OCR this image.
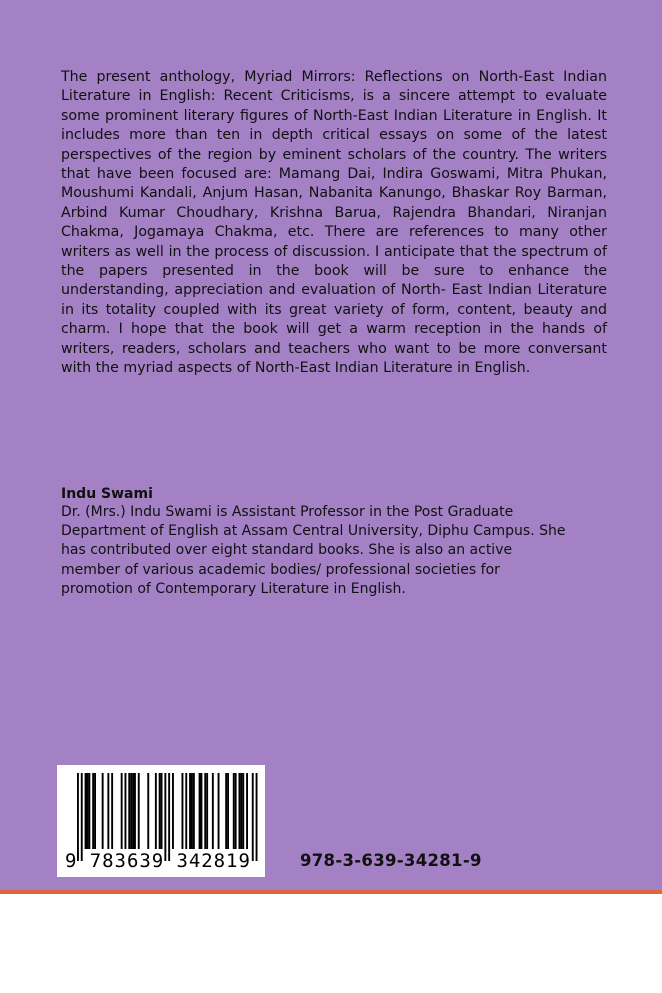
The present anthology, Myriad Mirrors: Reflections on North-East Indian Literature in English: Recent Criticisms, is a sincere attempt to evaluate some prominent literary figures of North-East Indian Literature in English. It includes more than ten in depth critical essays on some of the latest perspectives of the region by eminent scholars of the country. The writers that have been focused are: Mamang Dai, Indira Goswami, Mitra Phukan, Moushumi Kandali, Anjum Hasan, Nabanita Kanungo, Bhaskar Roy Barman, Arbind Kumar Choudhary, Krishna Barua, Rajendra Bhandari, Niranjan Chakma, Jogamaya Chakma, etc. There are references to many other writers as well in the process of discussion. I anticipate that the spectrum of the papers presented in the book will be sure to enhance the understanding, appreciation and evaluation of North- East Indian Literature in its totality coupled with its great variety of form, content, beauty and charm. I hope that the book will get a warm reception in the hands of writers, readers, scholars and teachers who want to be more conversant with the myriad aspects of North-East Indian Literature in English.

Indu Swami

Dr. (Mrs.) Indu Swami is Assistant Professor in the Post Graduate Department of English at Assam Central University, Diphu Campus. She has contributed over eight standard books. She is also an active member of various academic bodies/ professional societies for promotion of Contemporary Literature in English.

9 783639 342819	978-3-639-34281-9
